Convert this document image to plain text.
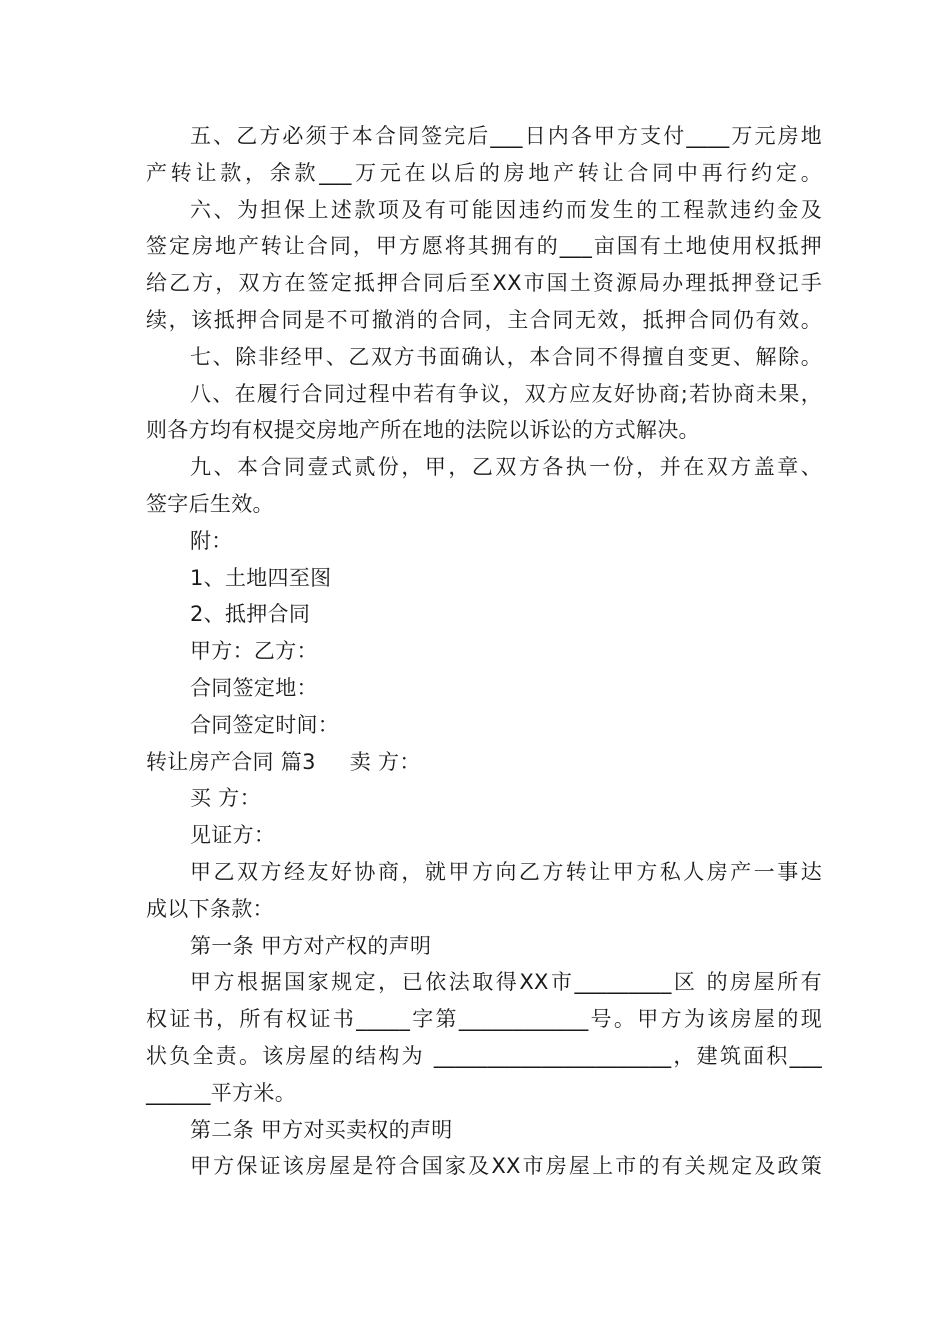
五、乙方必须于本合同签完后___日内各甲方支付____万元房地
产转让款，余款___万元在以后的房地产转让合同中再行约定。
六、为担保上述款项及有可能因违约而发生的工程款违约金及
签定房地产转让合同，甲方愿将其拥有的___亩国有土地使用权抵押
给乙方，双方在签定抵押合同后至XX市国土资源局办理抵押登记手
续，该抵押合同是不可撤消的合同，主合同无效，抵押合同仍有效。
七、除非经甲、乙双方书面确认，本合同不得擅自变更、解除。
八、在履行合同过程中若有争议，双方应友好协商;若协商未果，
则各方均有权提交房地产所在地的法院以诉讼的方式解决。
九、本合同壹式贰份，甲，乙双方各执一份，并在双方盖章、
签字后生效。
附：
1、土地四至图
2、抵押合同
甲方：乙方：
合同签定地：
合同签定时间：
转让房产合同 篇3 卖 方：
买 方：
见证方：
甲乙双方经友好协商，就甲方向乙方转让甲方私人房产一事达
成以下条款：
第一条 甲方对产权的声明
甲方根据国家规定，已依法取得XX市_________区 的房屋所有
权证书，所有权证书_____字第____________号。甲方为该房屋的现
状负全责。该房屋的结构为 ______________________，建筑面积___
______平方米。
第二条 甲方对买卖权的声明
甲方保证该房屋是符合国家及XX市房屋上市的有关规定及政策
